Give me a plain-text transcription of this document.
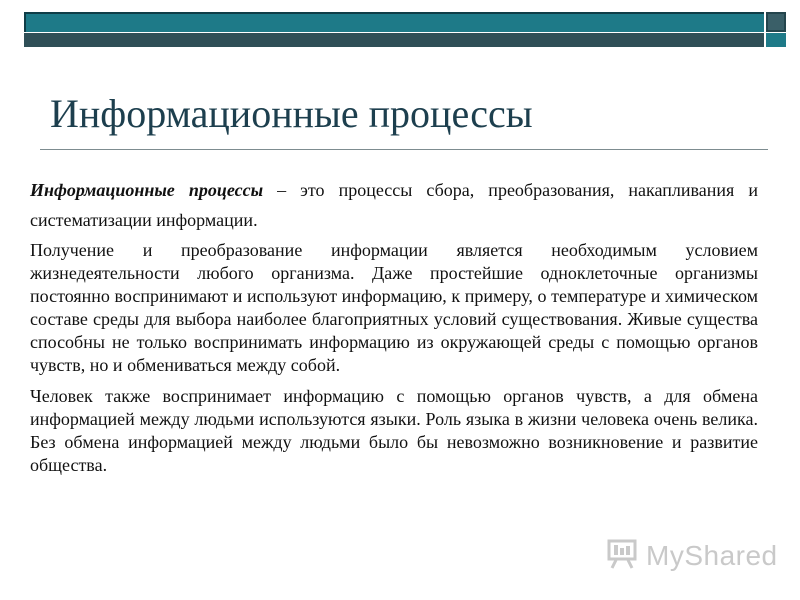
Информационные процессы

Информационные процессы – это процессы сбора, преобразования, накапливания и систематизации информации.

Получение и преобразование информации является необходимым условием жизнедеятельности любого организма. Даже простейшие одноклеточные организмы постоянно воспринимают и используют информацию, к примеру, о температуре и химическом составе среды для выбора наиболее благоприятных условий существования. Живые существа способны не только воспринимать информацию из окружающей среды с помощью органов чувств, но и обмениваться между собой.

Человек также воспринимает информацию с помощью органов чувств, а для обмена информацией между людьми используются языки. Роль языка в жизни человека очень велика. Без обмена информацией между людьми было бы невозможно возникновение и развитие общества.

MyShared
